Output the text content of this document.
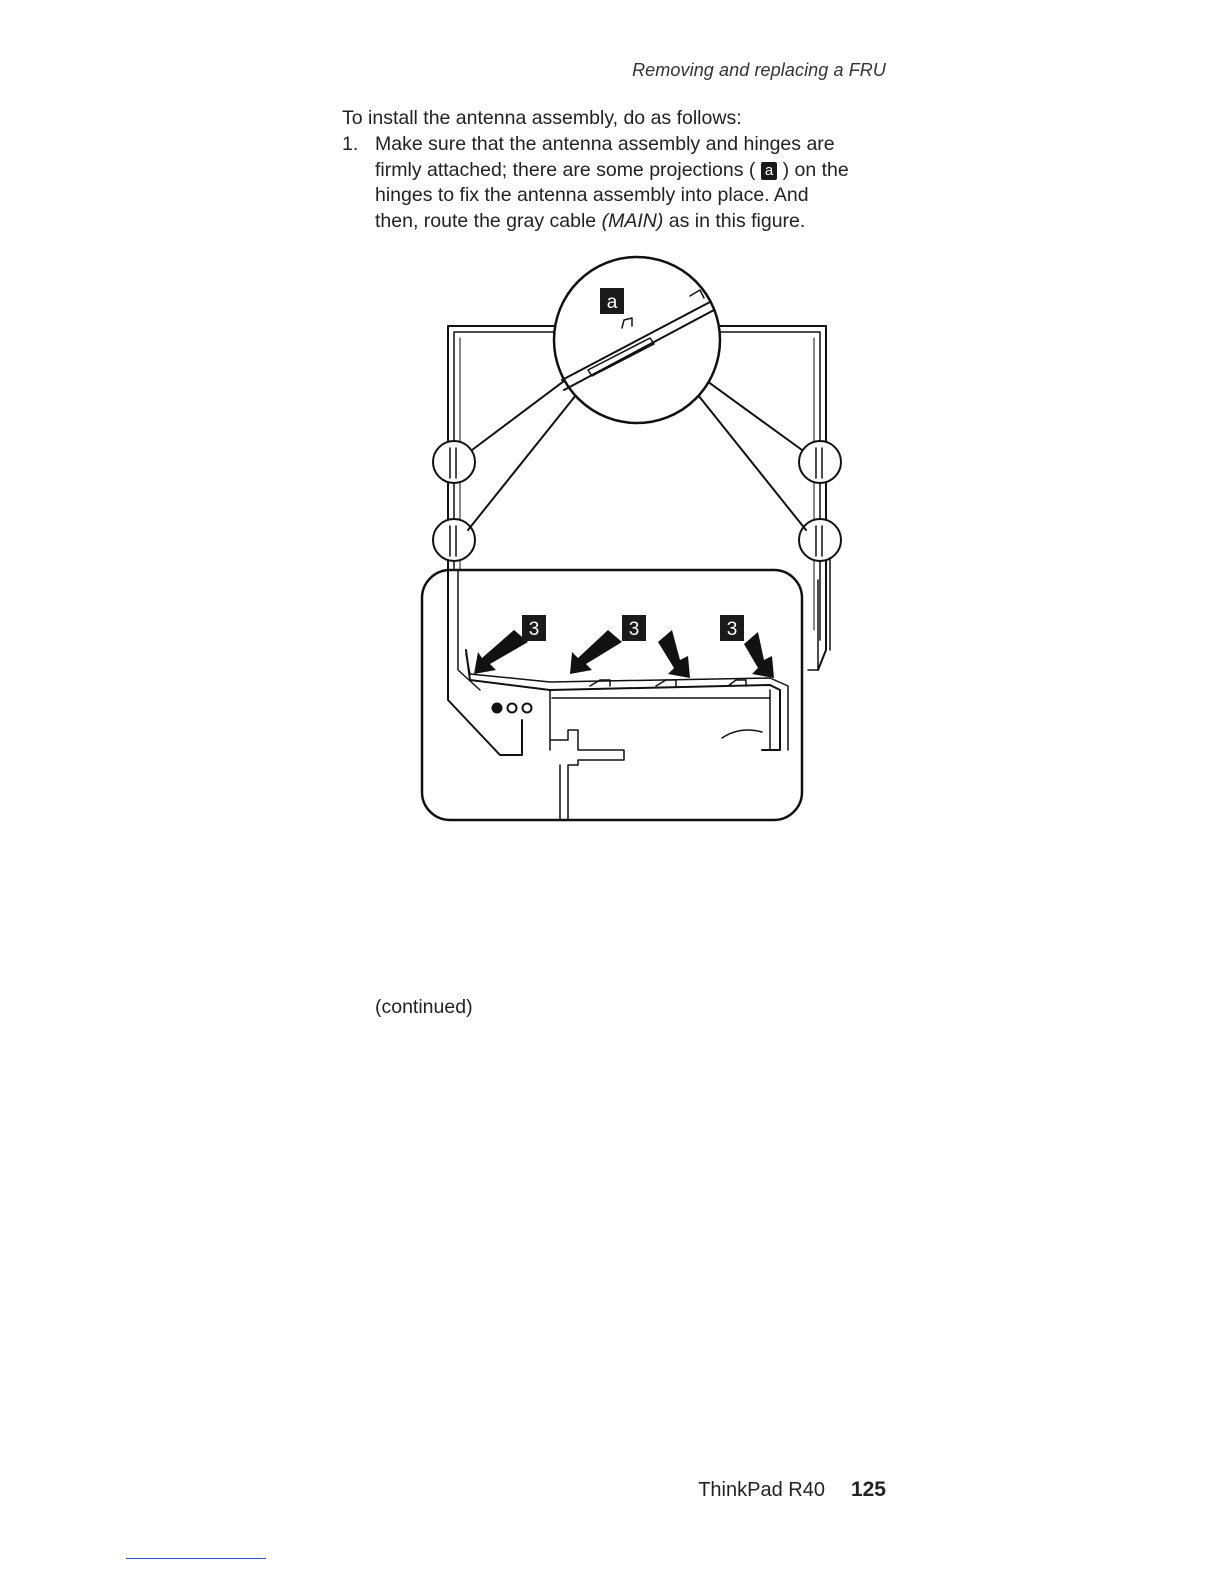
Removing and replacing a FRU
To install the antenna assembly, do as follows:
1. Make sure that the antenna assembly and hinges are
firmly attached; there are some projections ( a ) on the
hinges to fix the antenna assembly into place. And
then, route the gray cable (MAIN) as in this figure.
a
3	3	3
(continued)
ThinkPad R40 125
